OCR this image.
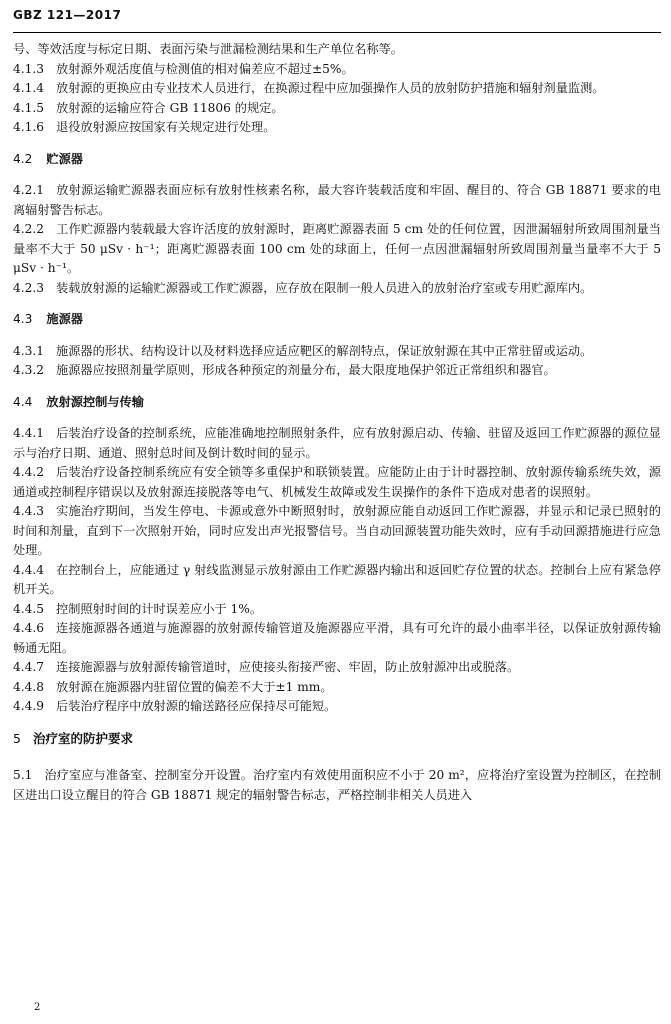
GBZ 121—2017
号、等效活度与标定日期、表面污染与泄漏检测结果和生产单位名称等。
4.1.3 放射源外观活度值与检测值的相对偏差应不超过±5%。
4.1.4 放射源的更换应由专业技术人员进行，在换源过程中应加强操作人员的放射防护措施和辐射剂量监测。
4.1.5 放射源的运输应符合 GB 11806 的规定。
4.1.6 退役放射源应按国家有关规定进行处理。
4.2 贮源器
4.2.1 放射源运输贮源器表面应标有放射性核素名称，最大容许装载活度和牢固、醒目的、符合 GB 18871 要求的电离辐射警告标志。
4.2.2 工作贮源器内装载最大容许活度的放射源时，距离贮源器表面 5 cm 处的任何位置，因泄漏辐射所致周围剂量当量率不大于 50 μSv · h⁻¹；距离贮源器表面 100 cm 处的球面上，任何一点因泄漏辐射所致周围剂量当量率不大于 5 μSv · h⁻¹。
4.2.3 装载放射源的运输贮源器或工作贮源器，应存放在限制一般人员进入的放射治疗室或专用贮源库内。
4.3 施源器
4.3.1 施源器的形状、结构设计以及材料选择应适应靶区的解剖特点，保证放射源在其中正常驻留或运动。
4.3.2 施源器应按照剂量学原则，形成各种预定的剂量分布，最大限度地保护邻近正常组织和器官。
4.4 放射源控制与传输
4.4.1 后装治疗设备的控制系统，应能准确地控制照射条件，应有放射源启动、传输、驻留及返回工作贮源器的源位显示与治疗日期、通道、照射总时间及倒计数时间的显示。
4.4.2 后装治疗设备控制系统应有安全锁等多重保护和联锁装置。应能防止由于计时器控制、放射源传输系统失效，源通道或控制程序错误以及放射源连接脱落等电气、机械发生故障或发生误操作的条件下造成对患者的误照射。
4.4.3 实施治疗期间，当发生停电、卡源或意外中断照射时，放射源应能自动返回工作贮源器，并显示和记录已照射的时间和剂量，直到下一次照射开始，同时应发出声光报警信号。当自动回源装置功能失效时，应有手动回源措施进行应急处理。
4.4.4 在控制台上，应能通过 γ 射线监测显示放射源由工作贮源器内输出和返回贮存位置的状态。控制台上应有紧急停机开关。
4.4.5 控制照射时间的计时误差应小于 1%。
4.4.6 连接施源器各通道与施源器的放射源传输管道及施源器应平滑，具有可允许的最小曲率半径，以保证放射源传输畅通无阻。
4.4.7 连接施源器与放射源传输管道时，应使接头衔接严密、牢固，防止放射源冲出或脱落。
4.4.8 放射源在施源器内驻留位置的偏差不大于±1 mm。
4.4.9 后装治疗程序中放射源的输送路径应保持尽可能短。
5 治疗室的防护要求
5.1 治疗室应与准备室、控制室分开设置。治疗室内有效使用面积应不小于 20 m²，应将治疗室设置为控制区，在控制区进出口设立醒目的符合 GB 18871 规定的辐射警告标志，严格控制非相关人员进入
2
